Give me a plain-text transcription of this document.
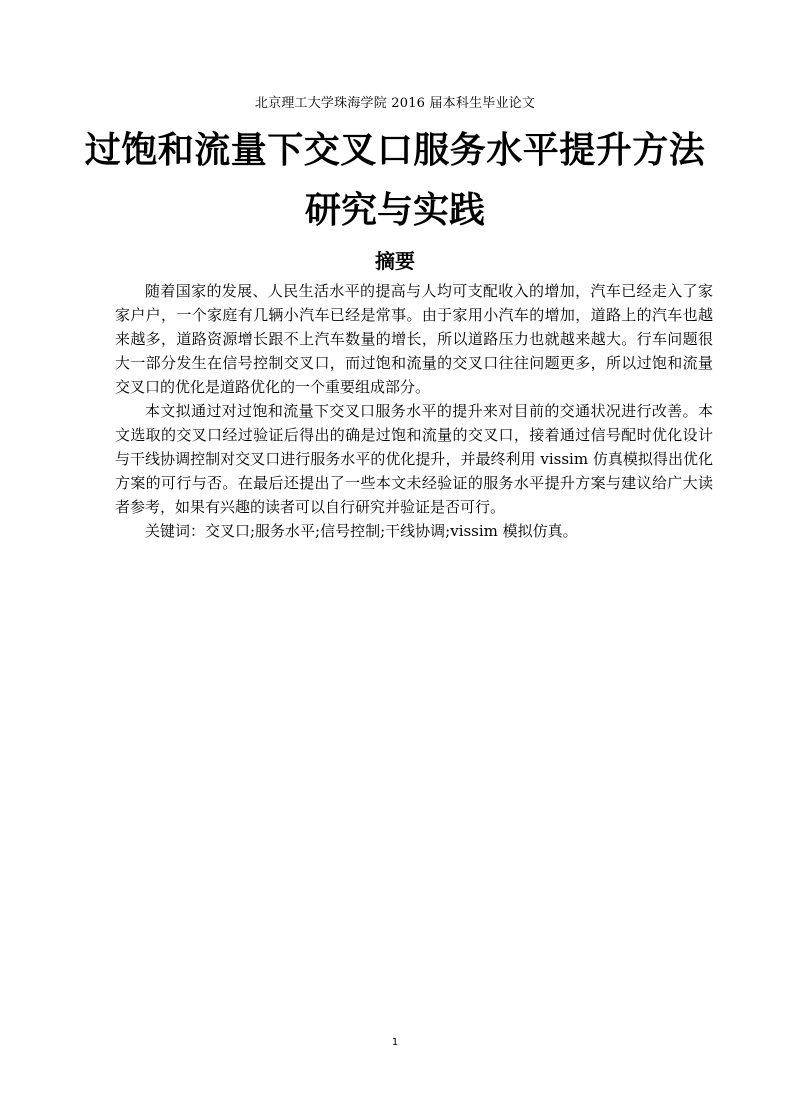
北京理工大学珠海学院 2016 届本科生毕业论文
过饱和流量下交叉口服务水平提升方法
研究与实践
摘要

随着国家的发展、人民生活水平的提高与人均可支配收入的增加，汽车已经走入了家家户户，一个家庭有几辆小汽车已经是常事。由于家用小汽车的增加，道路上的汽车也越来越多，道路资源增长跟不上汽车数量的增长，所以道路压力也就越来越大。行车问题很大一部分发生在信号控制交叉口，而过饱和流量的交叉口往往问题更多，所以过饱和流量交叉口的优化是道路优化的一个重要组成部分。

本文拟通过对过饱和流量下交叉口服务水平的提升来对目前的交通状况进行改善。本文选取的交叉口经过验证后得出的确是过饱和流量的交叉口，接着通过信号配时优化设计与干线协调控制对交叉口进行服务水平的优化提升，并最终利用 vissim 仿真模拟得出优化方案的可行与否。在最后还提出了一些本文未经验证的服务水平提升方案与建议给广大读者参考，如果有兴趣的读者可以自行研究并验证是否可行。

关键词：交叉口;服务水平;信号控制;干线协调;vissim 模拟仿真。

1
